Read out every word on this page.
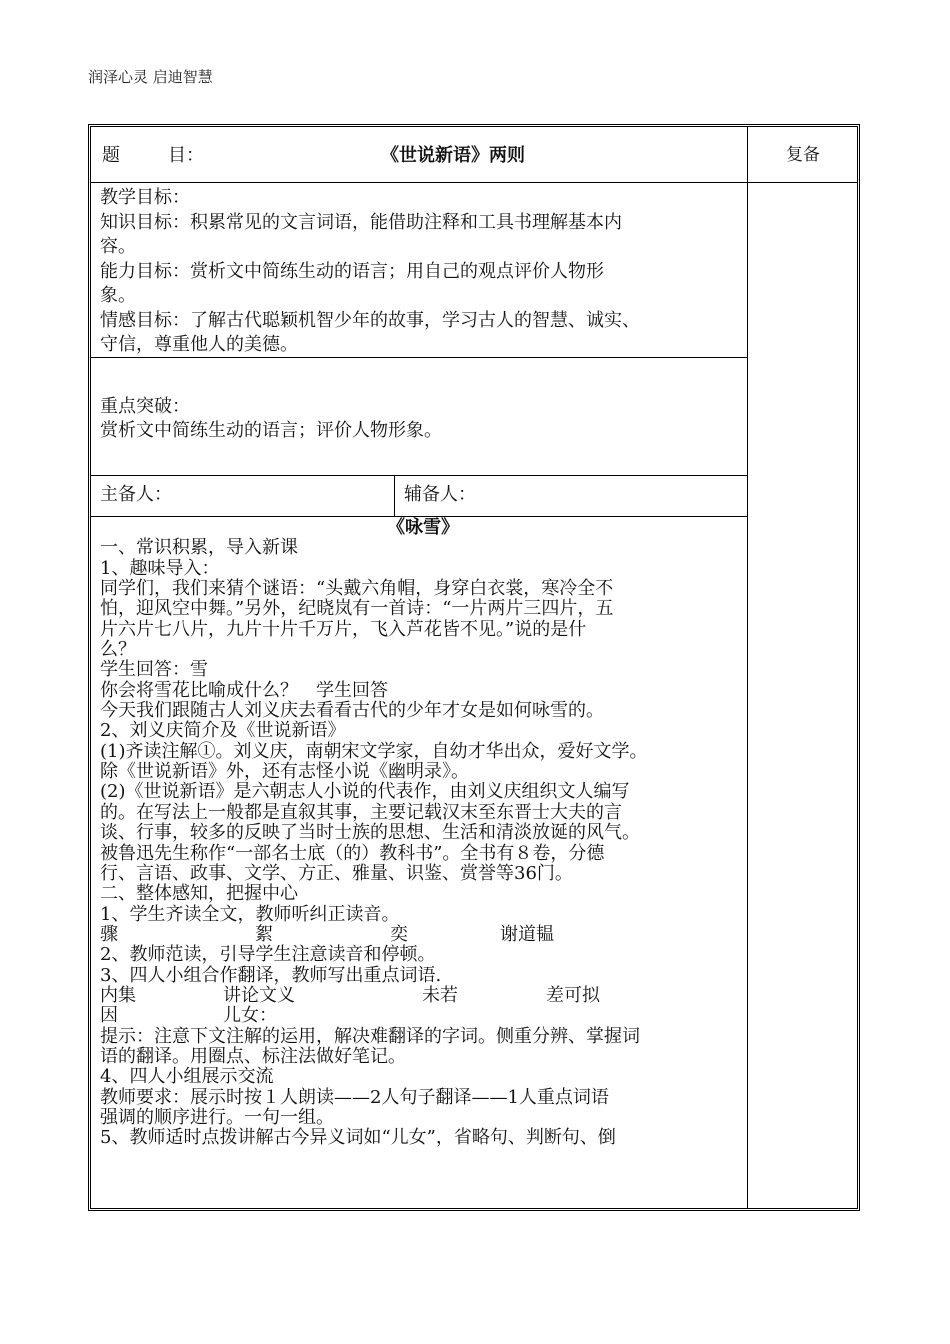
润泽心灵 启迪智慧
题	目：	《世说新语》两则	复备

教学目标：

知识目标：积累常见的文言词语，能借助注释和工具书理解基本内

容。

能力目标：赏析文中简练生动的语言；用自己的观点评价人物形

象。

情感目标：了解古代聪颖机智少年的故事，学习古人的智慧、诚实、

守信，尊重他人的美德。

重点突破：

赏析文中简练生动的语言；评价人物形象。

主备人：	辅备人：

《咏雪》

一、常识积累，导入新课

1、趣味导入：

同学们，我们来猜个谜语：“头戴六角帽，身穿白衣裳，寒冷全不

怕，迎风空中舞。”另外，纪晓岚有一首诗：“一片两片三四片，五

片六片七八片，九片十片千万片，飞入芦花皆不见。”说的是什

么？

学生回答：雪

你会将雪花比喻成什么？　学生回答

今天我们跟随古人刘义庆去看看古代的少年才女是如何咏雪的。

2、刘义庆简介及《世说新语》

(1)齐读注解①。刘义庆，南朝宋文学家，自幼才华出众，爱好文学。

除《世说新语》外，还有志怪小说《幽明录》。

(2)《世说新语》是六朝志人小说的代表作，由刘义庆组织文人编写

的。在写法上一般都是直叙其事，主要记载汉末至东晋士大夫的言

谈、行事，较多的反映了当时士族的思想、生活和清淡放诞的风气。

被鲁迅先生称作“一部名士底（的）教科书”。全书有８卷，分德

行、言语、政事、文学、方正、雅量、识鉴、赏誉等36门。

二、整体感知，把握中心

1、学生齐读全文，教师听纠正读音。

骤	絮	奕	谢道韫

2、教师范读，引导学生注意读音和停顿。

3、四人小组合作翻译，教师写出重点词语.

内集	讲论文义	未若	差可拟

因	儿女：

提示：注意下文注解的运用，解决难翻译的字词。侧重分辨、掌握词

语的翻译。用圈点、标注法做好笔记。

4、四人小组展示交流

教师要求：展示时按１人朗读——2人句子翻译——1人重点词语

强调的顺序进行。一句一组。

5、教师适时点拨讲解古今异义词如“儿女”，省略句、判断句、倒
